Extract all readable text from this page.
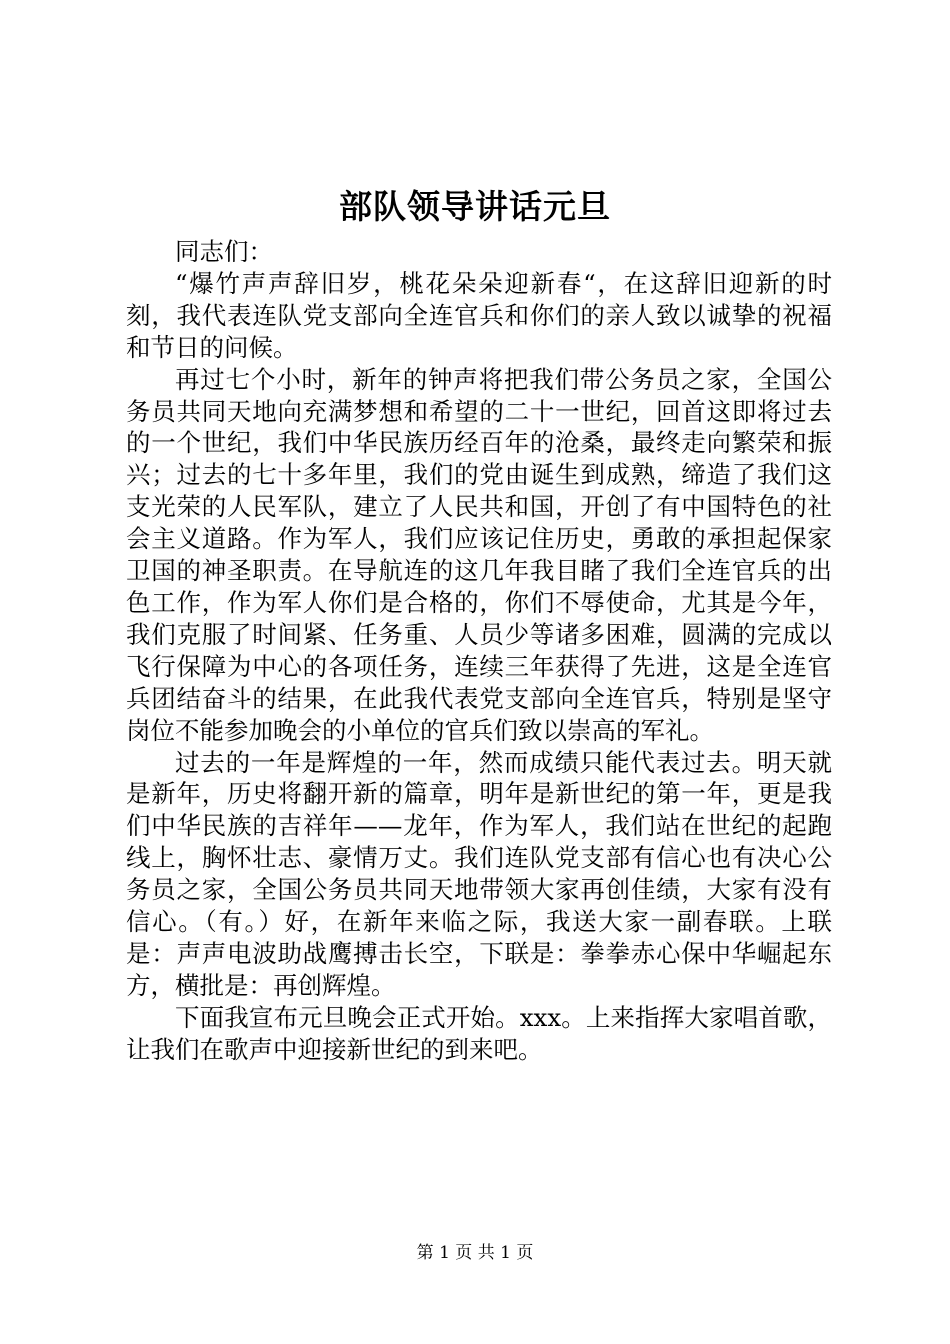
部队领导讲话元旦

同志们：

“爆竹声声辞旧岁，桃花朵朵迎新春“，在这辞旧迎新的时刻，我代表连队党支部向全连官兵和你们的亲人致以诚挚的祝福和节日的问候。

再过七个小时，新年的钟声将把我们带公务员之家，全国公务员共同天地向充满梦想和希望的二十一世纪，回首这即将过去的一个世纪，我们中华民族历经百年的沧桑，最终走向繁荣和振兴；过去的七十多年里，我们的党由诞生到成熟，缔造了我们这支光荣的人民军队，建立了人民共和国，开创了有中国特色的社会主义道路。作为军人，我们应该记住历史，勇敢的承担起保家卫国的神圣职责。在导航连的这几年我目睹了我们全连官兵的出色工作，作为军人你们是合格的，你们不辱使命，尤其是今年，我们克服了时间紧、任务重、人员少等诸多困难，圆满的完成以飞行保障为中心的各项任务，连续三年获得了先进，这是全连官兵团结奋斗的结果，在此我代表党支部向全连官兵，特别是坚守岗位不能参加晚会的小单位的官兵们致以崇高的军礼。

过去的一年是辉煌的一年，然而成绩只能代表过去。明天就是新年，历史将翻开新的篇章，明年是新世纪的第一年，更是我们中华民族的吉祥年——龙年，作为军人，我们站在世纪的起跑线上，胸怀壮志、豪情万丈。我们连队党支部有信心也有决心公务员之家，全国公务员共同天地带领大家再创佳绩，大家有没有信心。（有。）好，在新年来临之际，我送大家一副春联。上联是：声声电波助战鹰搏击长空，下联是：拳拳赤心保中华崛起东方，横批是：再创辉煌。

下面我宣布元旦晚会正式开始。xxx。上来指挥大家唱首歌，让我们在歌声中迎接新世纪的到来吧。

第 1 页 共 1 页
